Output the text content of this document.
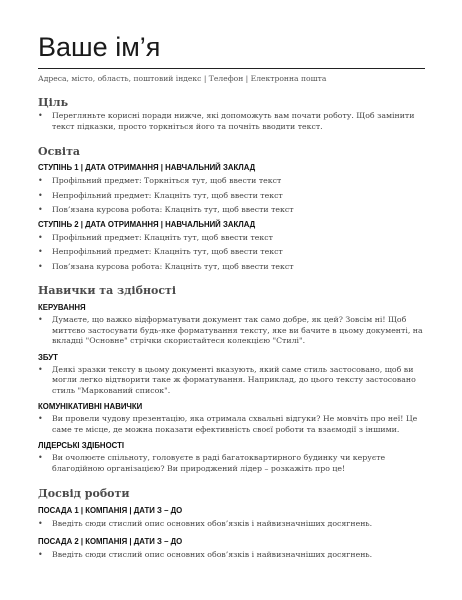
Ваше ім’я
Адреса, місто, область, поштовий індекс | Телефон | Електронна пошта
Ціль
• Перегляньте корисні поради нижче, які допоможуть вам почати роботу. Щоб замінити текст підказки, просто торкніться його та почніть вводити текст.
Освіта
СТУПІНЬ 1 | ДАТА ОТРИМАННЯ | НАВЧАЛЬНИЙ ЗАКЛАД
• Профільний предмет: Торкніться тут, щоб ввести текст
• Непрофільний предмет: Клацніть тут, щоб ввести текст
• Пов’язана курсова робота: Клацніть тут, щоб ввести текст
СТУПІНЬ 2 | ДАТА ОТРИМАННЯ | НАВЧАЛЬНИЙ ЗАКЛАД
• Профільний предмет: Клацніть тут, щоб ввести текст
• Непрофільний предмет: Клацніть тут, щоб ввести текст
• Пов’язана курсова робота: Клацніть тут, щоб ввести текст
Навички та здібності
КЕРУВАННЯ
• Думаєте, що важко відформатувати документ так само добре, як цей? Зовсім ні! Щоб миттєво застосувати будь-яке форматування тексту, яке ви бачите в цьому документі, на вкладці "Основне" стрічки скористайтеся колекцією "Стилі".
ЗБУТ
• Деякі зразки тексту в цьому документі вказують, який саме стиль застосовано, щоб ви могли легко відтворити таке ж форматування. Наприклад, до цього тексту застосовано стиль "Маркований список".
КОМУНІКАТИВНІ НАВИЧКИ
• Ви провели чудову презентацію, яка отримала схвальні відгуки? Не мовчіть про неї! Це саме те місце, де можна показати ефективність своєї роботи та взаємодії з іншими.
ЛІДЕРСЬКІ ЗДІБНОСТІ
• Ви очолюєте спільноту, головуєте в раді багатоквартирного будинку чи керуєте благодійною організацією? Ви природжений лідер – розкажіть про це!
Досвід роботи
ПОСАДА 1 | КОМПАНІЯ | ДАТИ З – ДО
• Введіть сюди стислий опис основних обов’язків і найвизначніших досягнень.
ПОСАДА 2 | КОМПАНІЯ | ДАТИ З – ДО
• Введіть сюди стислий опис основних обов’язків і найвизначніших досягнень.
